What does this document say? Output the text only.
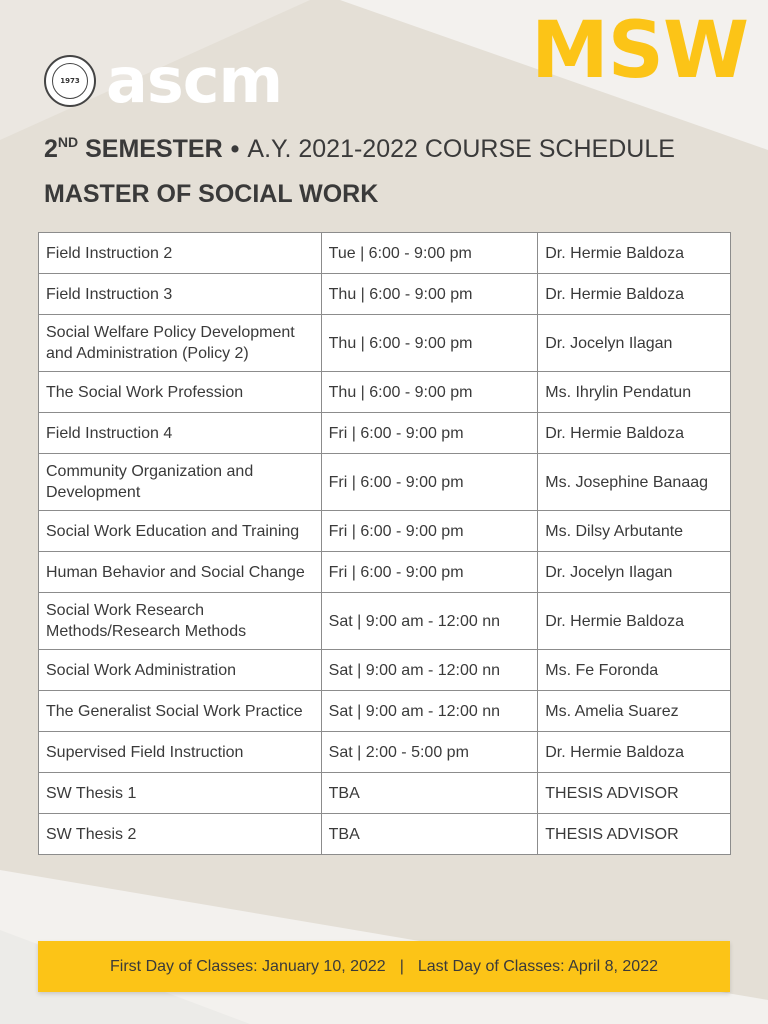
1973 ascm	MSW
2ND SEMESTER • A.Y. 2021-2022 COURSE SCHEDULE
MASTER OF SOCIAL WORK
Field Instruction 2	Tue | 6:00 - 9:00 pm	Dr. Hermie Baldoza
Field Instruction 3	Thu | 6:00 - 9:00 pm	Dr. Hermie Baldoza
Social Welfare Policy Development and Administration (Policy 2)	Thu | 6:00 - 9:00 pm	Dr. Jocelyn Ilagan
The Social Work Profession	Thu | 6:00 - 9:00 pm	Ms. Ihrylin Pendatun
Field Instruction 4	Fri | 6:00 - 9:00 pm	Dr. Hermie Baldoza
Community Organization and Development	Fri | 6:00 - 9:00 pm	Ms. Josephine Banaag
Social Work Education and Training	Fri | 6:00 - 9:00 pm	Ms. Dilsy Arbutante
Human Behavior and Social Change	Fri | 6:00 - 9:00 pm	Dr. Jocelyn Ilagan
Social Work Research Methods/Research Methods	Sat | 9:00 am - 12:00 nn	Dr. Hermie Baldoza
Social Work Administration	Sat | 9:00 am - 12:00 nn	Ms. Fe Foronda
The Generalist Social Work Practice	Sat | 9:00 am - 12:00 nn	Ms. Amelia Suarez
Supervised Field Instruction	Sat | 2:00 - 5:00 pm	Dr. Hermie Baldoza
SW Thesis 1	TBA	THESIS ADVISOR
SW Thesis 2	TBA	THESIS ADVISOR
First Day of Classes: January 10, 2022 | Last Day of Classes: April 8, 2022
